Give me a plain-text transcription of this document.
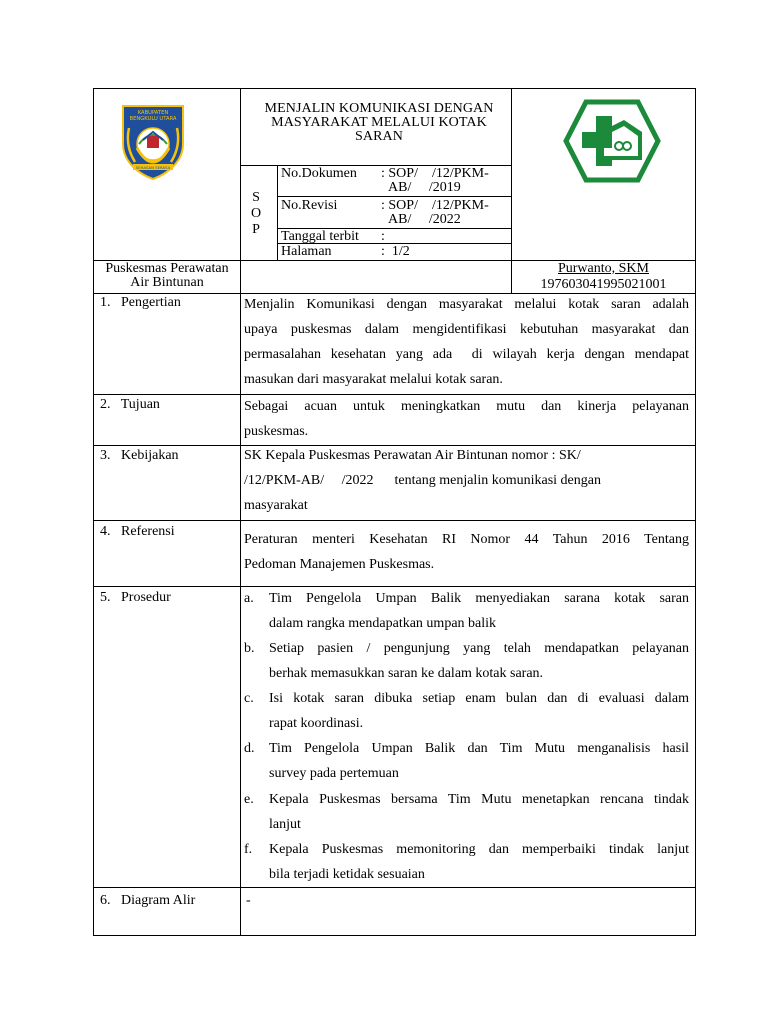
KABUPATEN
BENGKULU UTARA
SEHASAN SERASA
MENJALIN KOMUNIKASI DENGAN
MASYARAKAT MELALUI KOTAK
SARAN
S
O
P
No.Dokumen : SOP/    /12/PKM-
AB/     /2019
No.Revisi	: SOP/    /12/PKM-
AB/     /2022
Tanggal terbit :
Halaman	:  1/2
Puskesmas Perawatan
Air Bintunan
Purwanto, SKM
197603041995021001
1.   Pengertian	Menjalin Komunikasi dengan masyarakat melalui kotak saran adalah
upaya puskesmas dalam mengidentifikasi kebutuhan masyarakat dan
permasalahan kesehatan yang ada  di wilayah kerja dengan mendapat
masukan dari masyarakat melalui kotak saran.
2.   Tujuan	Sebagai acuan untuk meningkatkan mutu dan kinerja pelayanan
puskesmas.
3.   Kebijakan	SK Kepala Puskesmas Perawatan Air Bintunan nomor : SK/
/12/PKM-AB/     /2022      tentang menjalin komunikasi dengan
masyarakat
4.   Referensi
Peraturan menteri Kesehatan RI Nomor 44 Tahun 2016 Tentang
Pedoman Manajemen Puskesmas.
5.   Prosedur	a.	Tim Pengelola Umpan Balik menyediakan sarana kotak saran
dalam rangka mendapatkan umpan balik
b.	Setiap pasien / pengunjung yang telah mendapatkan pelayanan
berhak memasukkan saran ke dalam kotak saran.
c.	Isi kotak saran dibuka setiap enam bulan dan di evaluasi dalam
rapat koordinasi.
d.	Tim Pengelola Umpan Balik dan Tim Mutu menganalisis hasil
survey pada pertemuan
e.	Kepala Puskesmas bersama Tim Mutu menetapkan rencana tindak
lanjut
f.	Kepala Puskesmas memonitoring dan memperbaiki tindak lanjut
bila terjadi ketidak sesuaian
6.   Diagram Alir	-
